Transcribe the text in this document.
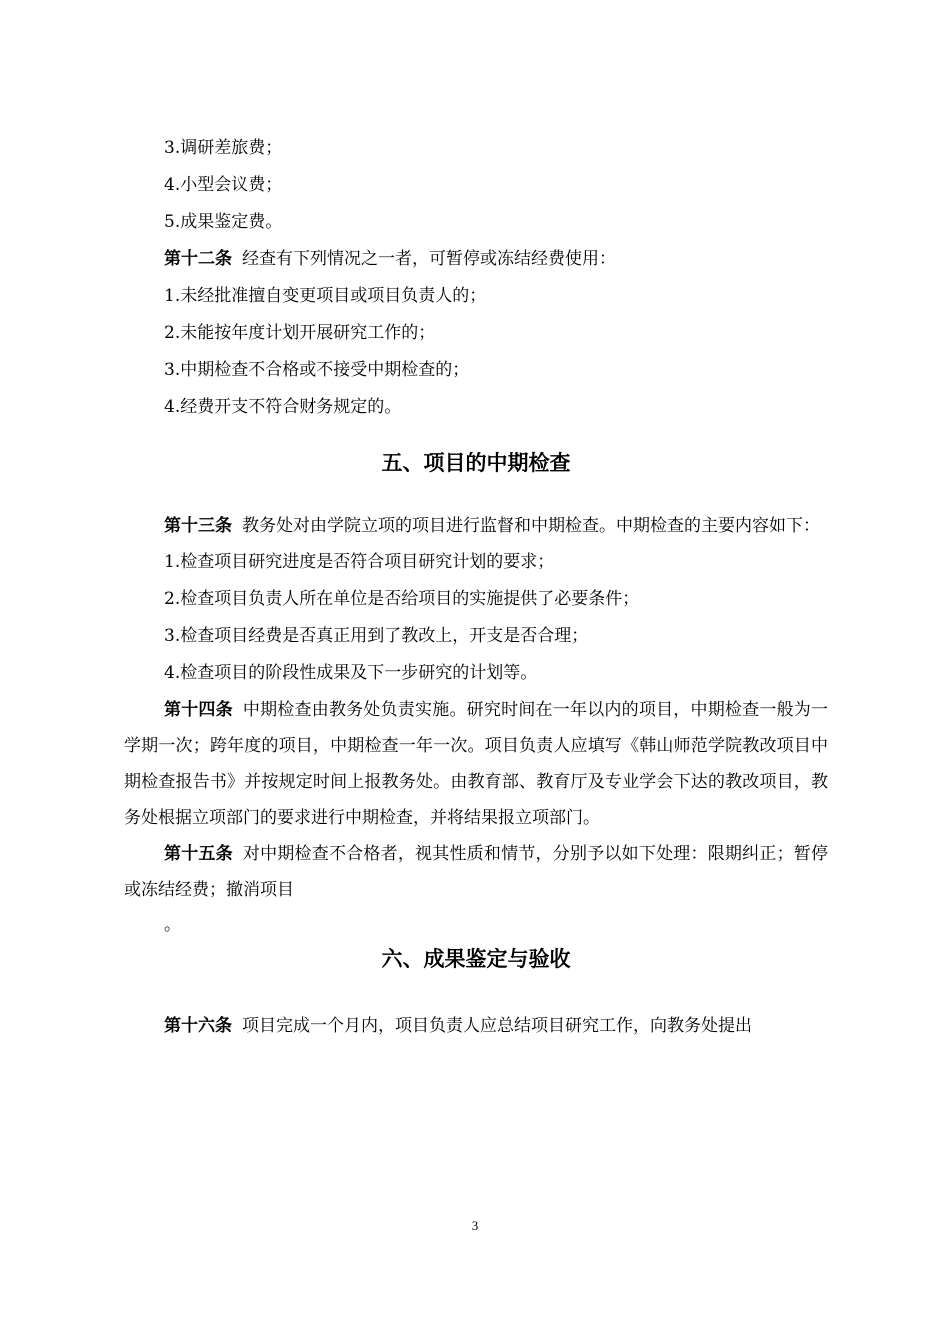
3.调研差旅费；

4.小型会议费；

5.成果鉴定费。

第十二条 经查有下列情况之一者，可暂停或冻结经费使用：

1.未经批准擅自变更项目或项目负责人的；

2.未能按年度计划开展研究工作的；

3.中期检查不合格或不接受中期检查的；

4.经费开支不符合财务规定的。

五、项目的中期检查

第十三条 教务处对由学院立项的项目进行监督和中期检查。中期检查的主要内容如下：

1.检查项目研究进度是否符合项目研究计划的要求；

2.检查项目负责人所在单位是否给项目的实施提供了必要条件；

3.检查项目经费是否真正用到了教改上，开支是否合理；

4.检查项目的阶段性成果及下一步研究的计划等。

第十四条 中期检查由教务处负责实施。研究时间在一年以内的项目，中期检查一般为一学期一次；跨年度的项目，中期检查一年一次。项目负责人应填写《韩山师范学院教改项目中期检查报告书》并按规定时间上报教务处。由教育部、教育厅及专业学会下达的教改项目，教务处根据立项部门的要求进行中期检查，并将结果报立项部门。

第十五条 对中期检查不合格者，视其性质和情节，分别予以如下处理：限期纠正；暂停或冻结经费；撤消项目

。

六、成果鉴定与验收

第十六条 项目完成一个月内，项目负责人应总结项目研究工作，向教务处提出

3
